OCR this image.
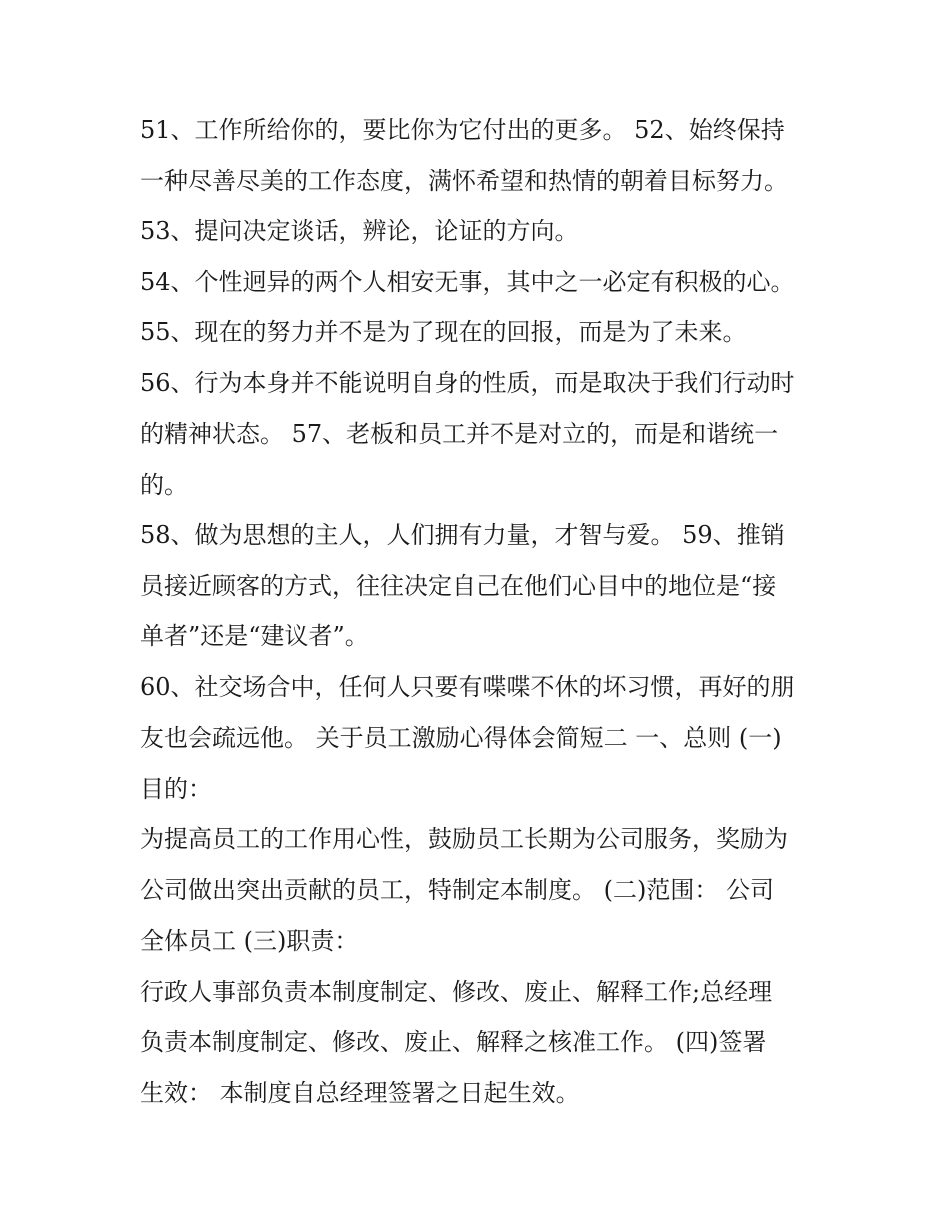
51、工作所给你的，要比你为它付出的更多。 52、始终保持

一种尽善尽美的工作态度，满怀希望和热情的朝着目标努力。

53、提问决定谈话，辨论，论证的方向。

54、个性迥异的两个人相安无事，其中之一必定有积极的心。

55、现在的努力并不是为了现在的回报，而是为了未来。

56、行为本身并不能说明自身的性质，而是取决于我们行动时

的精神状态。 57、老板和员工并不是对立的，而是和谐统一

的。

58、做为思想的主人，人们拥有力量，才智与爱。 59、推销

员接近顾客的方式，往往决定自己在他们心目中的地位是“接

单者”还是“建议者”。

60、社交场合中，任何人只要有喋喋不休的坏习惯，再好的朋

友也会疏远他。 关于员工激励心得体会简短二 一、总则 (一)

目的：

为提高员工的工作用心性，鼓励员工长期为公司服务，奖励为

公司做出突出贡献的员工，特制定本制度。 (二)范围： 公司

全体员工 (三)职责：

行政人事部负责本制度制定、修改、废止、解释工作;总经理

负责本制度制定、修改、废止、解释之核准工作。 (四)签署

生效： 本制度自总经理签署之日起生效。
